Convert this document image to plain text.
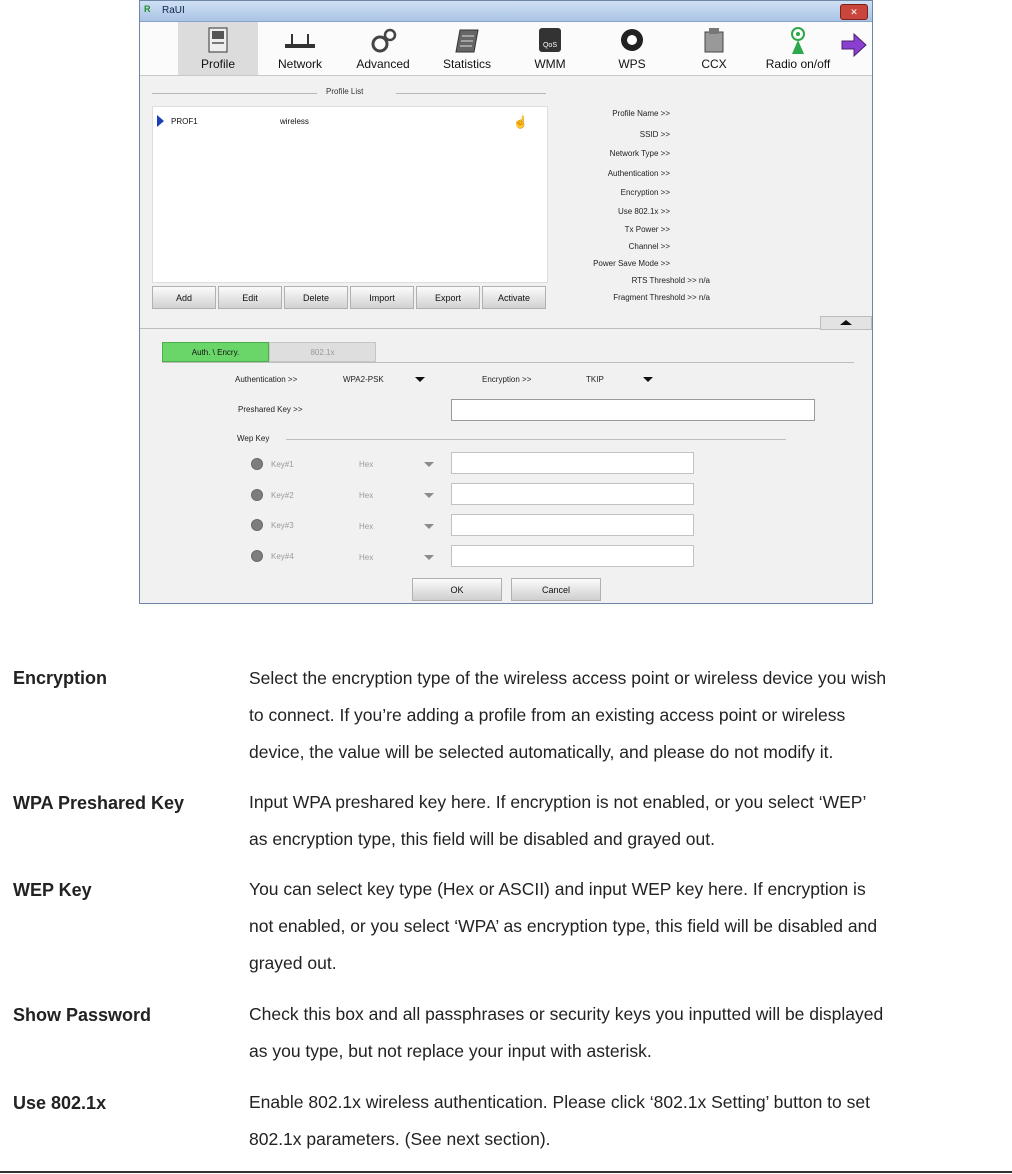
R RaUI	✕
Profile	Network	Advanced	Statistics
QoS
WMM	WPS	CCX	Radio on/off
Profile List
PROF1	wireless	☝
Add	Edit	Delete	Import	Export	Activate
Profile Name >>
SSID >>
Network Type >>
Authentication >>
Encryption >>
Use 802.1x >>
Tx Power >>
Channel >>
Power Save Mode >>
RTS Threshold >> n/a
Fragment Threshold >> n/a
Auth. \ Encry.	802.1x
Authentication >>	WPA2-PSK	Encryption >>	TKIP
Preshared Key >>
Wep Key
Key#1	Hex
Key#2	Hex
Key#3	Hex
Key#4	Hex
OK	Cancel
Encryption	Select the encryption type of the wireless access point or wireless device you wish
to connect. If you’re adding a profile from an existing access point or wireless
device, the value will be selected automatically, and please do not modify it.
WPA Preshared Key	Input WPA preshared key here. If encryption is not enabled, or you select ‘WEP’
as encryption type, this field will be disabled and grayed out.
WEP Key	You can select key type (Hex or ASCII) and input WEP key here. If encryption is
not enabled, or you select ‘WPA’ as encryption type, this field will be disabled and
grayed out.
Show Password	Check this box and all passphrases or security keys you inputted will be displayed
as you type, but not replace your input with asterisk.
Use 802.1x	Enable 802.1x wireless authentication. Please click ‘802.1x Setting’ button to set
802.1x parameters. (See next section).
